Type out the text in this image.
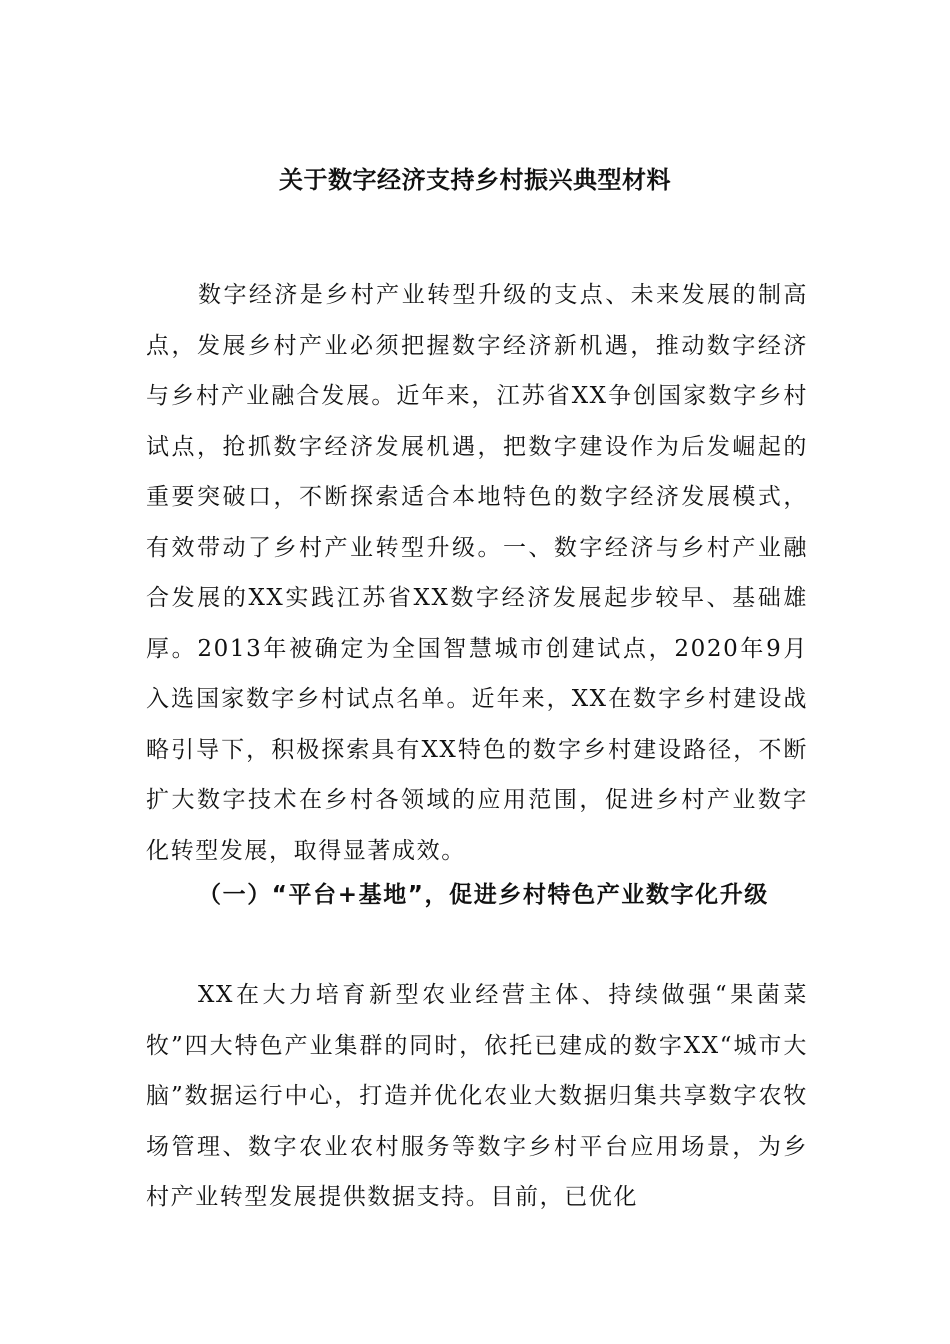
关于数字经济支持乡村振兴典型材料

数字经济是乡村产业转型升级的支点、未来发展的制高点，发展乡村产业必须把握数字经济新机遇，推动数字经济与乡村产业融合发展。近年来，江苏省XX争创国家数字乡村试点，抢抓数字经济发展机遇，把数字建设作为后发崛起的重要突破口，不断探索适合本地特色的数字经济发展模式，有效带动了乡村产业转型升级。一、数字经济与乡村产业融合发展的XX实践江苏省XX数字经济发展起步较早、基础雄厚。2013年被确定为全国智慧城市创建试点，2020年9月入选国家数字乡村试点名单。近年来，XX在数字乡村建设战略引导下，积极探索具有XX特色的数字乡村建设路径，不断扩大数字技术在乡村各领域的应用范围，促进乡村产业数字化转型发展，取得显著成效。

（一）“平台+基地”，促进乡村特色产业数字化升级

XX在大力培育新型农业经营主体、持续做强“果菌菜牧”四大特色产业集群的同时，依托已建成的数字XX“城市大脑”数据运行中心，打造并优化农业大数据归集共享数字农牧场管理、数字农业农村服务等数字乡村平台应用场景，为乡村产业转型发展提供数据支持。目前，已优化
